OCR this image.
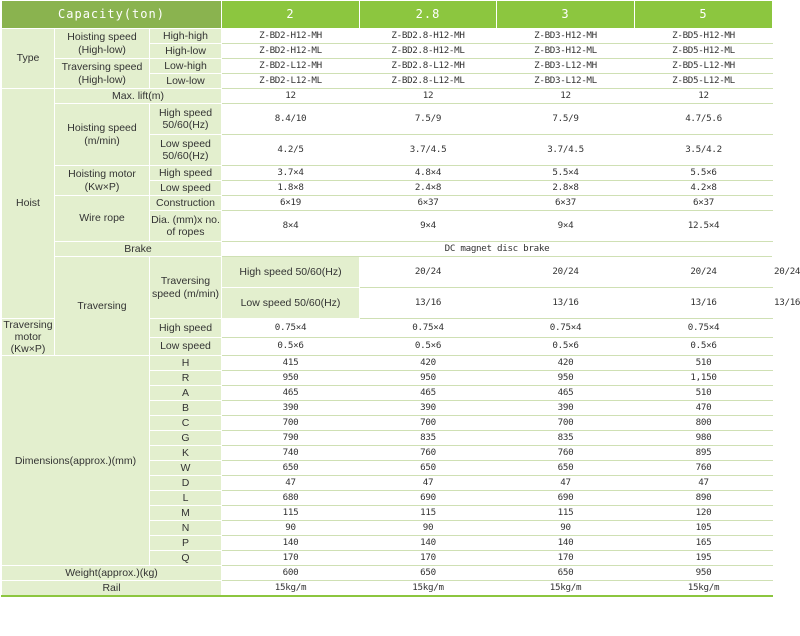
Capacity(ton)			2	2.8	3	5	
Type	Hoisting speed (High-low)	High-high	Z-BD2-H12-MH	Z-BD2.8-H12-MH	Z-BD3-H12-MH	Z-BD5-H12-MH	
		High-low	Z-BD2-H12-ML	Z-BD2.8-H12-ML	Z-BD3-H12-ML	Z-BD5-H12-ML	
	Traversing speed (High-low)	Low-high	Z-BD2-L12-MH	Z-BD2.8-L12-MH	Z-BD3-L12-MH	Z-BD5-L12-MH	
		Low-low	Z-BD2-L12-ML	Z-BD2.8-L12-ML	Z-BD3-L12-ML	Z-BD5-L12-ML	
Hoist	Max. lift(m)		12	12	12	12	
	Hoisting speed (m/min)	High speed 50/60(Hz)	8.4/10	7.5/9	7.5/9	4.7/5.6	
		Low speed 50/60(Hz)	4.2/5	3.7/4.5	3.7/4.5	3.5/4.2	
	Hoisting motor (Kw×P)	High speed	3.7×4	4.8×4	5.5×4	5.5×6	
		Low speed	1.8×8	2.4×8	2.8×8	4.2×8	
	Wire rope	Construction	6×19	6×37	6×37	6×37	
		Dia. (mm)x no. of ropes	8×4	9×4	9×4	12.5×4	
	Brake		DC magnet disc brake				
	Traversing	Traversing speed (m/min)	High speed 50/60(Hz)	20/24	20/24	20/24	20/24
			Low speed 50/60(Hz)	13/16	13/16	13/16	13/16
Traversing motor (Kw×P)		High speed	0.75×4	0.75×4	0.75×4	0.75×4	
		Low speed	0.5×6	0.5×6	0.5×6	0.5×6	
Dimensions(approx.)(mm)		H	415	420	420	510	
		R	950	950	950	1,150	
		A	465	465	465	510	
		B	390	390	390	470	
		C	700	700	700	800	
		G	790	835	835	980	
		K	740	760	760	895	
		W	650	650	650	760	
		D	47	47	47	47	
		L	680	690	690	890	
		M	115	115	115	120	
		N	90	90	90	105	
		P	140	140	140	165	
		Q	170	170	170	195	
Weight(approx.)(kg)			600	650	650	950	
Rail			15kg/m	15kg/m	15kg/m	15kg/m	
